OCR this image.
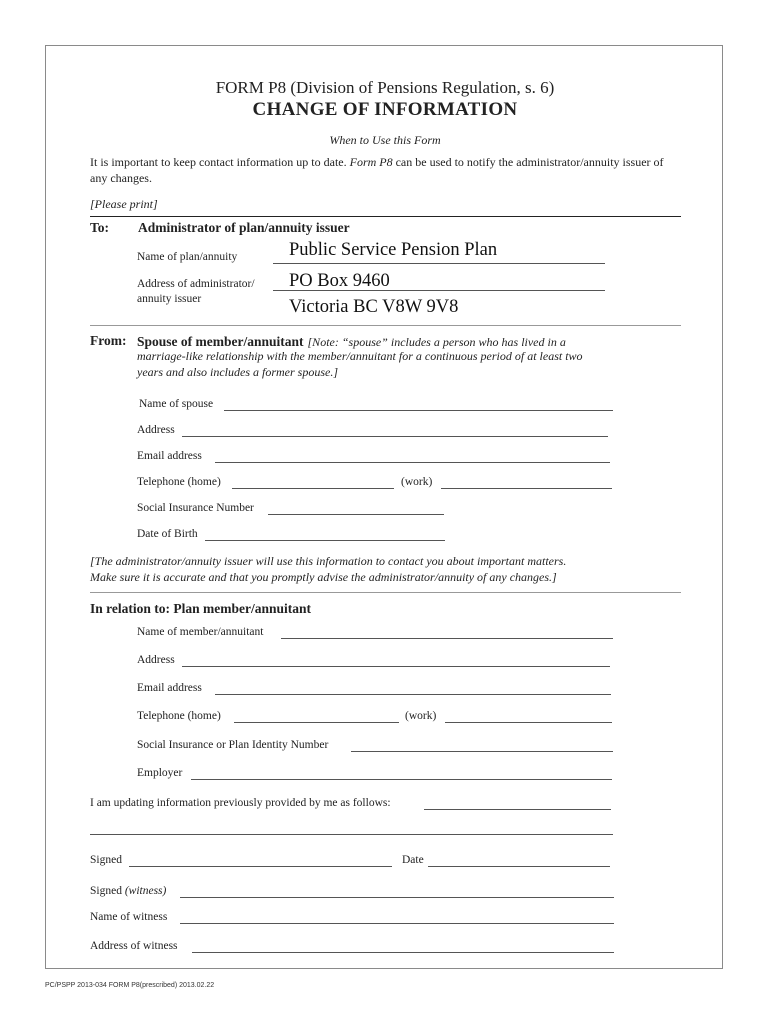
FORM P8 (Division of Pensions Regulation, s. 6)
CHANGE OF INFORMATION
When to Use this Form
It is important to keep contact information up to date. Form P8 can be used to notify the administrator/annuity issuer of any changes.
[Please print]
To: Administrator of plan/annuity issuer
Name of plan/annuity	Public Service Pension Plan
Address of administrator/
annuity issuer
PO Box 9460
Victoria BC V8W 9V8
From: Spouse of member/annuitant [Note: “spouse” includes a person who has lived in a
marriage-like relationship with the member/annuitant for a continuous period of at least two
years and also includes a former spouse.]
Name of spouse
Address
Email address
Telephone (home)	(work)
Social Insurance Number
Date of Birth
[The administrator/annuity issuer will use this information to contact you about important matters.
Make sure it is accurate and that you promptly advise the administrator/annuity of any changes.]
In relation to: Plan member/annuitant
Name of member/annuitant
Address
Email address
Telephone (home)	(work)
Social Insurance or Plan Identity Number
Employer
I am updating information previously provided by me as follows:
Signed	Date
Signed (witness)
Name of witness
Address of witness
PC/PSPP 2013-034 FORM P8(prescribed) 2013.02.22
